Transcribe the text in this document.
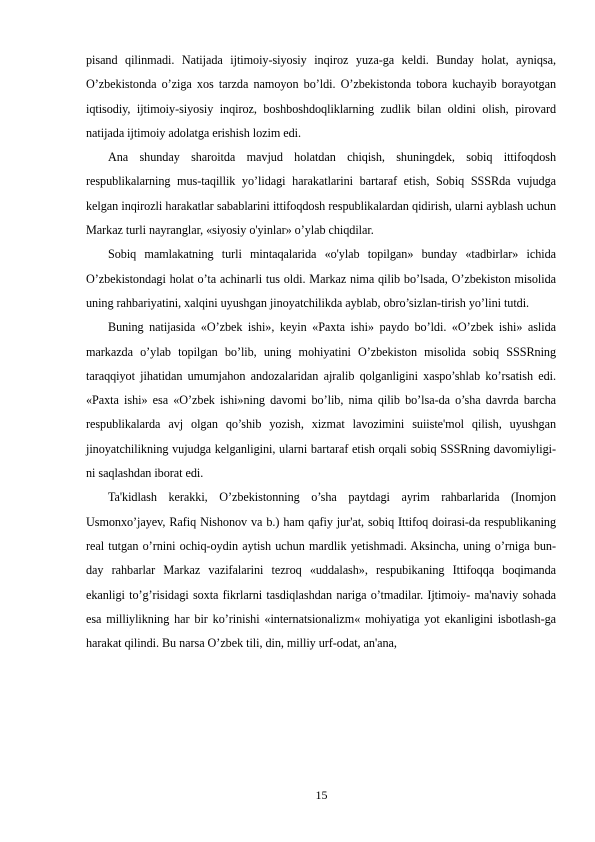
pisand qilinmadi. Natijada ijtimoiy-siyosiy inqiroz yuza-ga keldi. Bunday holat, ayniqsa, O’zbekistonda o’ziga xos tarzda namoyon bo’ldi. O’zbekistonda tobora kuchayib borayotgan iqtisodiy, ijtimoiy-siyosiy inqiroz, boshboshdoqliklarning zudlik bilan oldini olish, pirovard natijada ijtimoiy adolatga erishish lozim edi.

Ana shunday sharoitda mavjud holatdan chiqish, shuningdek, sobiq ittifoqdosh respublikalarning mus-taqillik yo’lidagi harakatlarini bartaraf etish, Sobiq SSSRda vujudga kelgan inqirozli harakatlar sabablarini ittifoqdosh respublikalardan qidirish, ularni ayblash uchun Markaz turli nayranglar, «siyosiy o'yinlar» o’ylab chiqdilar.

Sobiq mamlakatning turli mintaqalarida «o'ylab topilgan» bunday «tadbirlar» ichida O’zbekistondagi holat o’ta achinarli tus oldi. Markaz nima qilib bo’lsada, O’zbekiston misolida uning rahbariyatini, xalqini uyushgan jinoyatchilikda ayblab, obro’sizlan-tirish yo’lini tutdi.

Buning natijasida «O’zbek ishi», keyin «Paxta ishi» paydo bo’ldi. «O’zbek ishi» aslida markazda o’ylab topilgan bo’lib, uning mohiyatini O’zbekiston misolida sobiq SSSRning taraqqiyot jihatidan umumjahon andozalaridan ajralib qolganligini xaspo’shlab ko’rsatish edi. «Paxta ishi» esa «O’zbek ishi»ning davomi bo’lib, nima qilib bo’lsa-da o’sha davrda barcha respublikalarda avj olgan qo’shib yozish, xizmat lavozimini suiiste'mol qilish, uyushgan jinoyatchilikning vujudga kelganligini, ularni bartaraf etish orqali sobiq SSSRning davomiyligi-ni saqlashdan iborat edi.

Ta'kidlash kerakki, O’zbekistonning o’sha paytdagi ayrim rahbarlarida (Inomjon Usmonxo’jayev, Rafiq Nishonov va b.) ham qafiy jur'at, sobiq Ittifoq doirasi-da respublikaning real tutgan o’rnini ochiq-oydin aytish uchun mardlik yetishmadi. Aksincha, uning o’rniga bun-day rahbarlar Markaz vazifalarini tezroq «uddalash», respubikaning Ittifoqqa boqimanda ekanligi to’g’risidagi soxta fikrlarni tasdiqlashdan nariga o’tmadilar. Ijtimoiy- ma'naviy sohada esa milliylikning har bir ko’rinishi «internatsionalizm« mohiyatiga yot ekanligini isbotlash-ga harakat qilindi. Bu narsa O’zbek tili, din, milliy urf-odat, an'ana,

15
